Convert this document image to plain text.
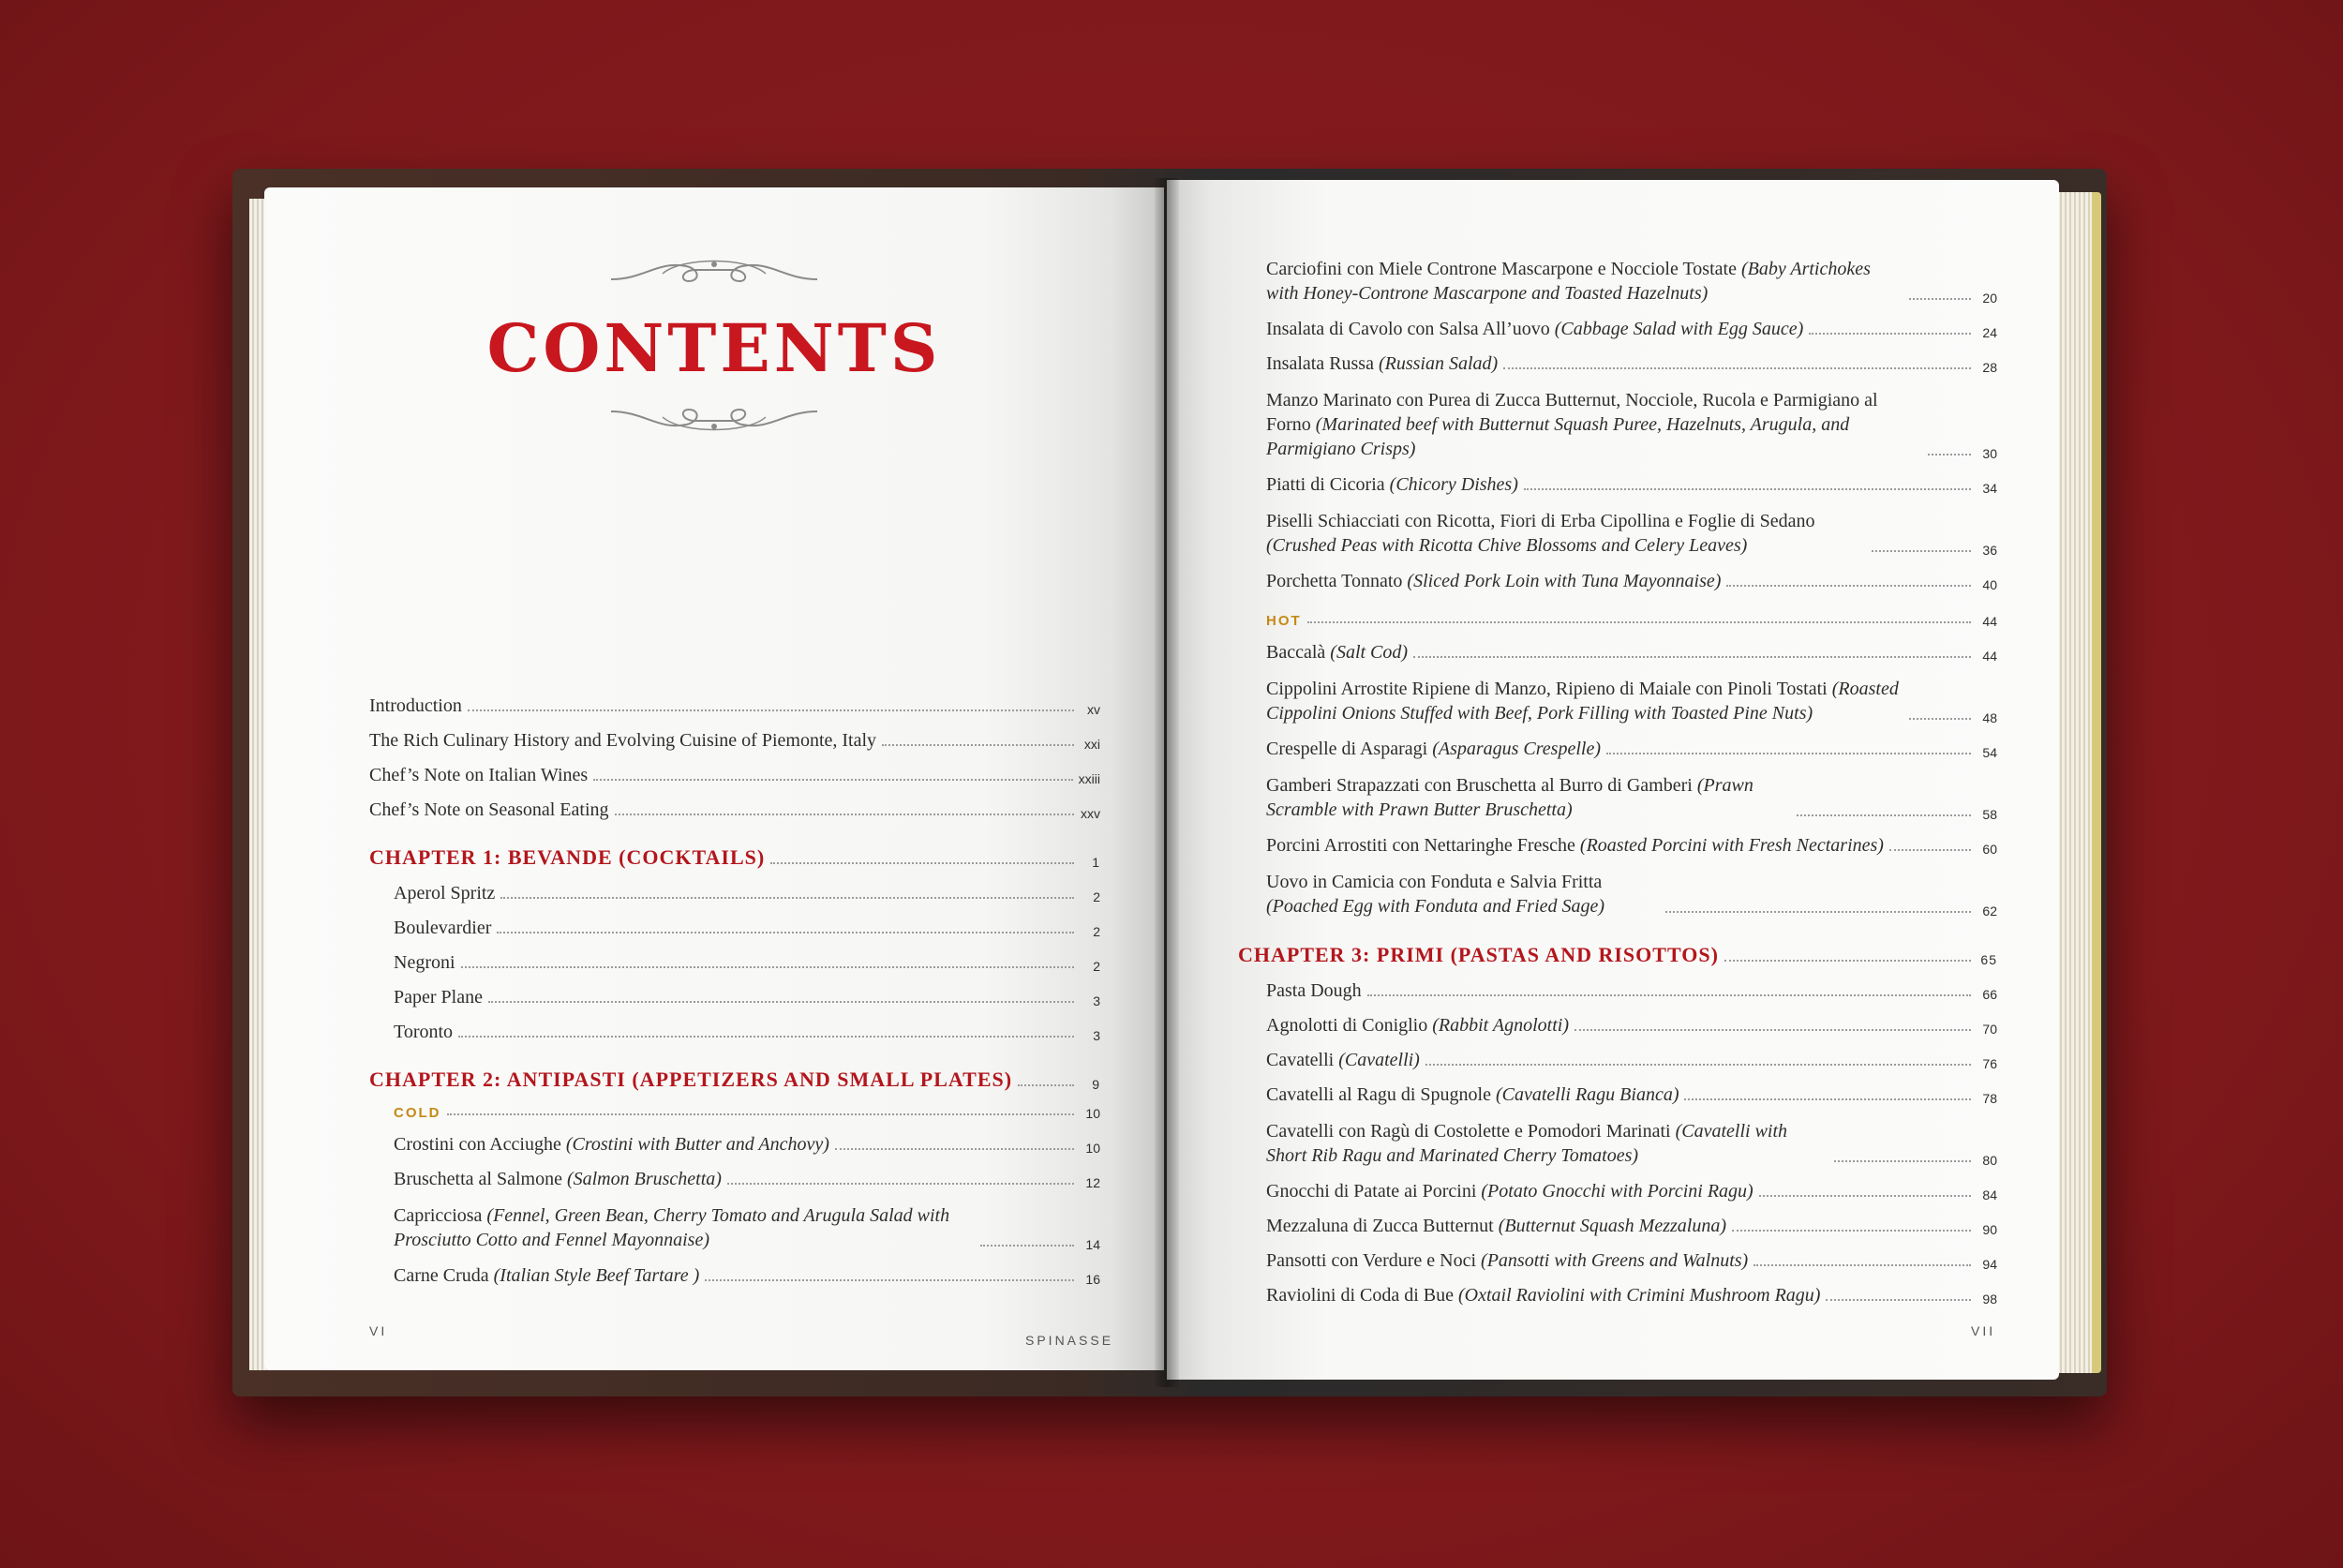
CONTENTS
Introduction	xv
The Rich Culinary History and Evolving Cuisine of Piemonte, Italy	xxi
Chef’s Note on Italian Wines	xxiii
Chef’s Note on Seasonal Eating	xxv
CHAPTER 1: BEVANDE (COCKTAILS)	1
Aperol Spritz	2
Boulevardier	2
Negroni	2
Paper Plane	3
Toronto	3
CHAPTER 2: ANTIPASTI (APPETIZERS AND SMALL PLATES)	9
COLD	10
Crostini con Acciughe (Crostini with Butter and Anchovy)	10
Bruschetta al Salmone (Salmon Bruschetta)	12
Capricciosa (Fennel, Green Bean, Cherry Tomato and Arugula Salad with Prosciutto Cotto and Fennel Mayonnaise)	14
Carne Cruda (Italian Style Beef Tartare )	16
VI
SPINASSE
Carciofini con Miele Controne Mascarpone e Nocciole Tostate (Baby Artichokes with Honey-Controne Mascarpone and Toasted Hazelnuts)	20
Insalata di Cavolo con Salsa All’uovo (Cabbage Salad with Egg Sauce)	24
Insalata Russa (Russian Salad)	28
Manzo Marinato con Purea di Zucca Butternut, Nocciole, Rucola e Parmigiano al Forno (Marinated beef with Butternut Squash Puree, Hazelnuts, Arugula, and Parmigiano Crisps)	30
Piatti di Cicoria (Chicory Dishes)	34
Piselli Schiacciati con Ricotta, Fiori di Erba Cipollina e Foglie di Sedano (Crushed Peas with Ricotta Chive Blossoms and Celery Leaves)	36
Porchetta Tonnato (Sliced Pork Loin with Tuna Mayonnaise)	40
HOT	44
Baccalà (Salt Cod)	44
Cippolini Arrostite Ripiene di Manzo, Ripieno di Maiale con Pinoli Tostati (Roasted Cippolini Onions Stuffed with Beef, Pork Filling with Toasted Pine Nuts)	48
Crespelle di Asparagi (Asparagus Crespelle)	54
Gamberi Strapazzati con Bruschetta al Burro di Gamberi (Prawn Scramble with Prawn Butter Bruschetta)	58
Porcini Arrostiti con Nettaringhe Fresche (Roasted Porcini with Fresh Nectarines)	60
Uovo in Camicia con Fonduta e Salvia Fritta (Poached Egg with Fonduta and Fried Sage)	62
CHAPTER 3: PRIMI (PASTAS AND RISOTTOS)	65
Pasta Dough	66
Agnolotti di Coniglio (Rabbit Agnolotti)	70
Cavatelli (Cavatelli)	76
Cavatelli al Ragu di Spugnole (Cavatelli Ragu Bianca)	78
Cavatelli con Ragù di Costolette e Pomodori Marinati (Cavatelli with Short Rib Ragu and Marinated Cherry Tomatoes)	80
Gnocchi di Patate ai Porcini (Potato Gnocchi with Porcini Ragu)	84
Mezzaluna di Zucca Butternut (Butternut Squash Mezzaluna)	90
Pansotti con Verdure e Noci (Pansotti with Greens and Walnuts)	94
Raviolini di Coda di Bue (Oxtail Raviolini with Crimini Mushroom Ragu)	98
VII
